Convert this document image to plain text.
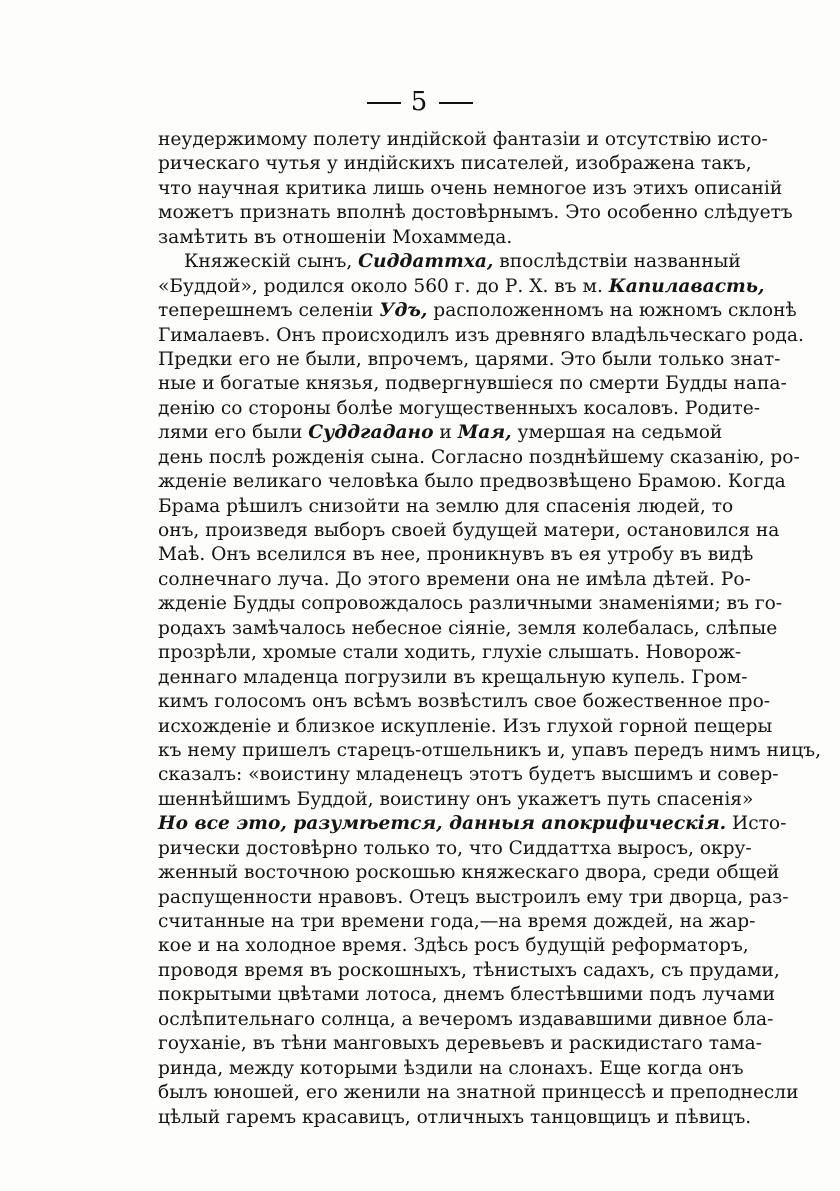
5
неудержимому полету индійской фантазіи и отсутствію исто-
рическаго чутья у индійскихъ писателей, изображена такъ,
что научная критика лишь очень немногое изъ этихъ описаній
можетъ признать вполнѣ достовѣрнымъ. Это особенно слѣдуетъ
замѣтить въ отношеніи Мохаммеда.
Княжескій сынъ, Сиддаттха, впослѣдствіи названный
«Буддой», родился около 560 г. до Р. Х. въ м. Капилавасть,
теперешнемъ селеніи Удъ, расположенномъ на южномъ склонѣ
Гималаевъ. Онъ происходилъ изъ древняго владѣльческаго рода.
Предки его не были, впрочемъ, царями. Это были только знат-
ные и богатые князья, подвергнувшіеся по смерти Будды напа-
денію со стороны болѣе могущественныхъ косаловъ. Родите-
лями его были Суддгадано и Мая, умершая на седьмой
день послѣ рожденія сына. Согласно позднѣйшему сказанію, ро-
жденіе великаго человѣка было предвозвѣщено Брамою. Когда
Брама рѣшилъ снизойти на землю для спасенія людей, то
онъ, произведя выборъ своей будущей матери, остановился на
Маѣ. Онъ вселился въ нее, проникнувъ въ ея утробу въ видѣ
солнечнаго луча. До этого времени она не имѣла дѣтей. Ро-
жденіе Будды сопровождалось различными знаменіями; въ го-
родахъ замѣчалось небесное сіяніе, земля колебалась, слѣпые
прозрѣли, хромые стали ходить, глухіе слышать. Новорож-
деннаго младенца погрузили въ крещальную купель. Гром-
кимъ голосомъ онъ всѣмъ возвѣстилъ свое божественное про-
исхожденіе и близкое искупленіе. Изъ глухой горной пещеры
къ нему пришелъ старецъ-отшельникъ и, упавъ передъ нимъ ницъ,
сказалъ: «воистину младенецъ этотъ будетъ высшимъ и совер-
шеннѣйшимъ Буддой, воистину онъ укажетъ путь спасенія»
Но все это, разумѣется, данныя апокрифическія. Истo-
рически достовѣрно только то, что Сиддаттха выросъ, окру-
женный восточною роскошью княжескаго двора, среди общей
распущенности нравовъ. Отецъ выстроилъ ему три дворца, раз-
считанные на три времени года,—на время дождей, на жар-
кое и на холодное время. Здѣсь росъ будущій реформаторъ,
проводя время въ роскошныхъ, тѣнистыхъ садахъ, съ прудами,
покрытыми цвѣтами лотоса, днемъ блестѣвшими подъ лучами
ослѣпительнаго солнца, а вечеромъ издававшими дивное бла-
гоуханіе, въ тѣни манговыхъ деревьевъ и раскидистаго тама-
ринда, между которыми ѣздили на слонахъ. Еще когда онъ
былъ юношей, его женили на знатной принцессѣ и преподнесли
цѣлый гаремъ красавицъ, отличныхъ танцовщицъ и пѣвицъ.
